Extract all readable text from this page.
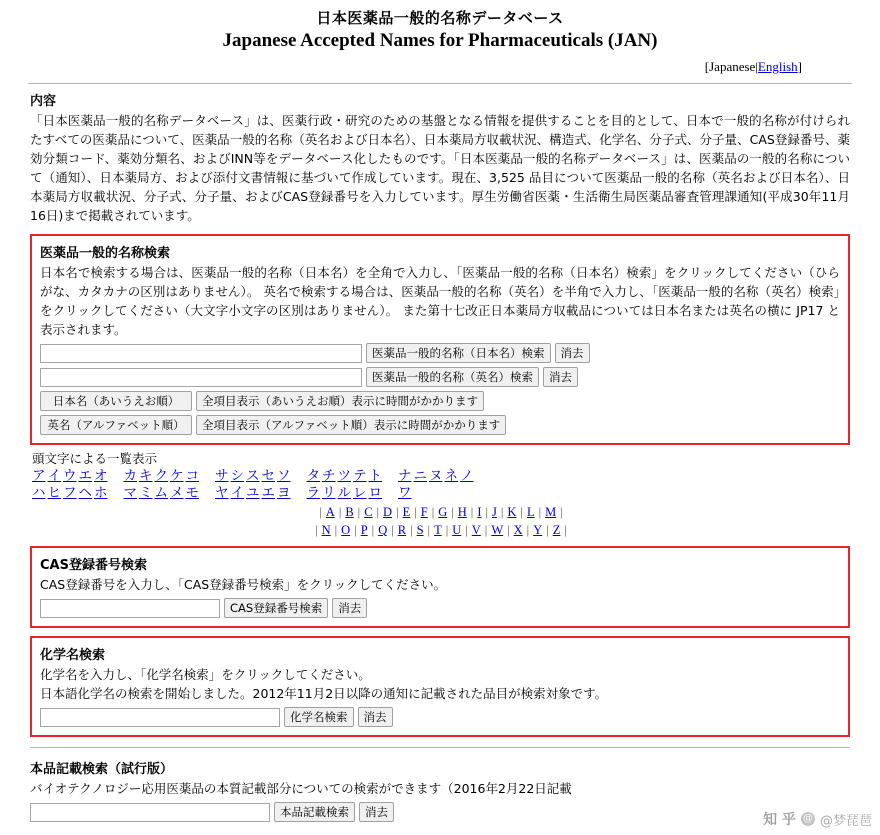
日本医薬品一般的名称データベース
Japanese Accepted Names for Pharmaceuticals (JAN)
[Japanese|English]
内容
「日本医薬品一般的名称データベース」は、医薬行政・研究のための基盤となる情報を提供することを目的として、日本で一般的名称が付けられたすべての医薬品について、医薬品一般的名称（英名および日本名）、日本薬局方収載状況、構造式、化学名、分子式、分子量、CAS登録番号、薬効分類コード、薬効分類名、およびINN等をデータベース化したものです。「日本医薬品一般的名称データベース」は、医薬品の一般的名称について（通知）、日本薬局方、および添付文書情報に基づいて作成しています。現在、3,525 品目について医薬品一般的名称（英名および日本名）、日本薬局方収載状況、分子式、分子量、およびCAS登録番号を入力しています。厚生労働省医薬・生活衛生局医薬品審査管理課通知(平成30年11月16日)まで掲載されています。
医薬品一般的名称検索
日本名で検索する場合は、医薬品一般的名称（日本名）を全角で入力し、「医薬品一般的名称（日本名）検索」をクリックしてください（ひらがな、カタカナの区別はありません）。 英名で検索する場合は、医薬品一般的名称（英名）を半角で入力し、「医薬品一般的名称（英名）検索」をクリックしてください（大文字小文字の区別はありません）。 また第十七改正日本薬局方収載品については日本名または英名の横に JP17 と表示されます。
医薬品一般的名称（日本名）検索	消去
医薬品一般的名称（英名）検索	消去
日本名（あいうえお順）	全項目表示（あいうえお順）表示に時間がかかります
英名（アルファベット順）	全項目表示（アルファベット順）表示に時間がかかります
頭文字による一覧表示
ア イ ウ エ オ カ キ ク ケ コ サ シ ス セ ソ タ チ ツ テ ト ナ ニ ヌ ネ ノ
ハ ヒ フ ヘ ホ マ ミ ム メ モ ヤ イ ユ エ ヨ ラ リ ル レ ロ ワ
| A | B | C | D | E | F | G | H | I | J | K | L | M |
| N | O | P | Q | R | S | T | U | V | W | X | Y | Z |
CAS登録番号検索
CAS登録番号を入力し、「CAS登録番号検索」をクリックしてください。
CAS登録番号検索	消去
化学名検索
化学名を入力し、「化学名検索」をクリックしてください。
日本語化学名の検索を開始しました。2012年11月2日以降の通知に記載された品目が検索対象です。
化学名検索	消去
本品記載検索（試行版）
バイオテクノロジー応用医薬品の本質記載部分についての検索ができます（2016年2月22日記載
本品記載検索	消去	知 乎 @ @梦琵琶
